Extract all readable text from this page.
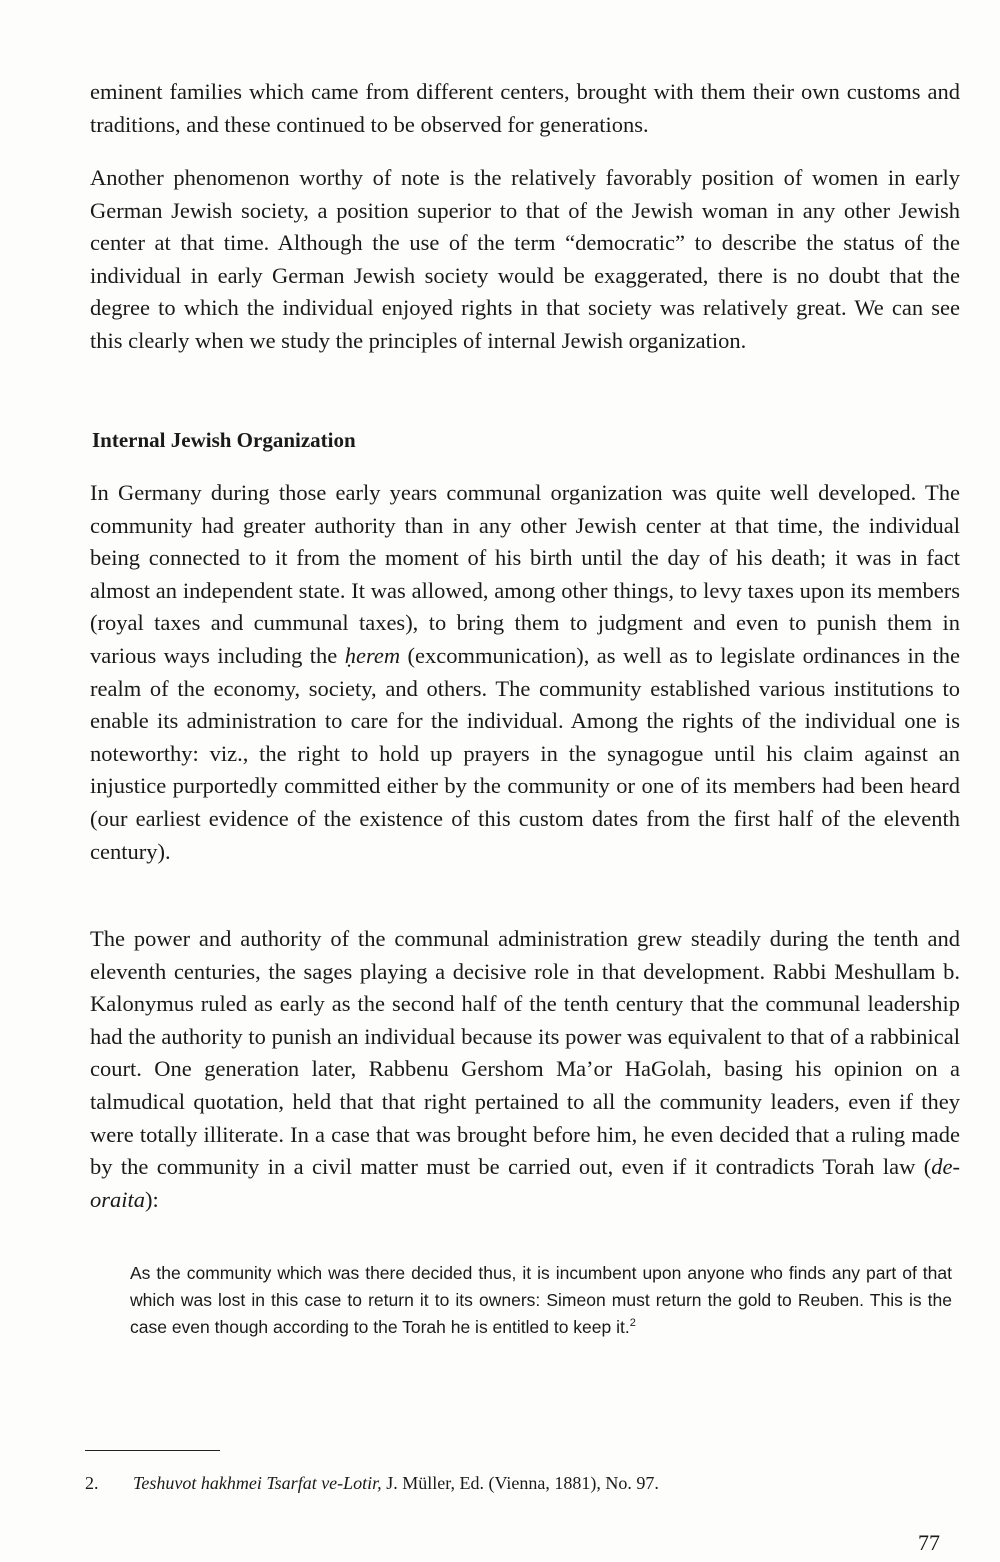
eminent families which came from different centers, brought with them their own customs and traditions, and these continued to be observed for generations.

Another phenomenon worthy of note is the relatively favorably position of women in early German Jewish society, a position superior to that of the Jewish woman in any other Jewish center at that time. Although the use of the term “democratic” to describe the status of the individual in early German Jewish society would be exaggerated, there is no doubt that the degree to which the individual enjoyed rights in that society was relatively great. We can see this clearly when we study the principles of internal Jewish organization.

Internal Jewish Organization

In Germany during those early years communal organization was quite well developed. The community had greater authority than in any other Jewish center at that time, the individual being connected to it from the moment of his birth until the day of his death; it was in fact almost an independent state. It was allowed, among other things, to levy taxes upon its members (royal taxes and cummunal taxes), to bring them to judgment and even to punish them in various ways including the ḥerem (excommunication), as well as to legislate ordinances in the realm of the economy, society, and others. The community established various institutions to enable its administration to care for the individual. Among the rights of the individual one is noteworthy: viz., the right to hold up prayers in the synagogue until his claim against an injustice purportedly committed either by the community or one of its members had been heard (our earliest evidence of the existence of this custom dates from the first half of the eleventh century).

The power and authority of the communal administration grew steadily during the tenth and eleventh centuries, the sages playing a decisive role in that development. Rabbi Meshullam b. Kalonymus ruled as early as the second half of the tenth century that the communal leadership had the authority to punish an individual because its power was equivalent to that of a rabbinical court. One generation later, Rabbenu Gershom Ma’or HaGolah, basing his opinion on a talmudical quotation, held that that right pertained to all the community leaders, even if they were totally illiterate. In a case that was brought before him, he even decided that a ruling made by the community in a civil matter must be carried out, even if it contradicts Torah law (de-oraita):

As the community which was there decided thus, it is incumbent upon anyone who finds any part of that which was lost in this case to return it to its owners: Simeon must return the gold to Reuben. This is the case even though according to the Torah he is entitled to keep it.$^2$

2. Teshuvot hakhmei Tsarfat ve-Lotir, J. Müller, Ed. (Vienna, 1881), No. 97.

77
